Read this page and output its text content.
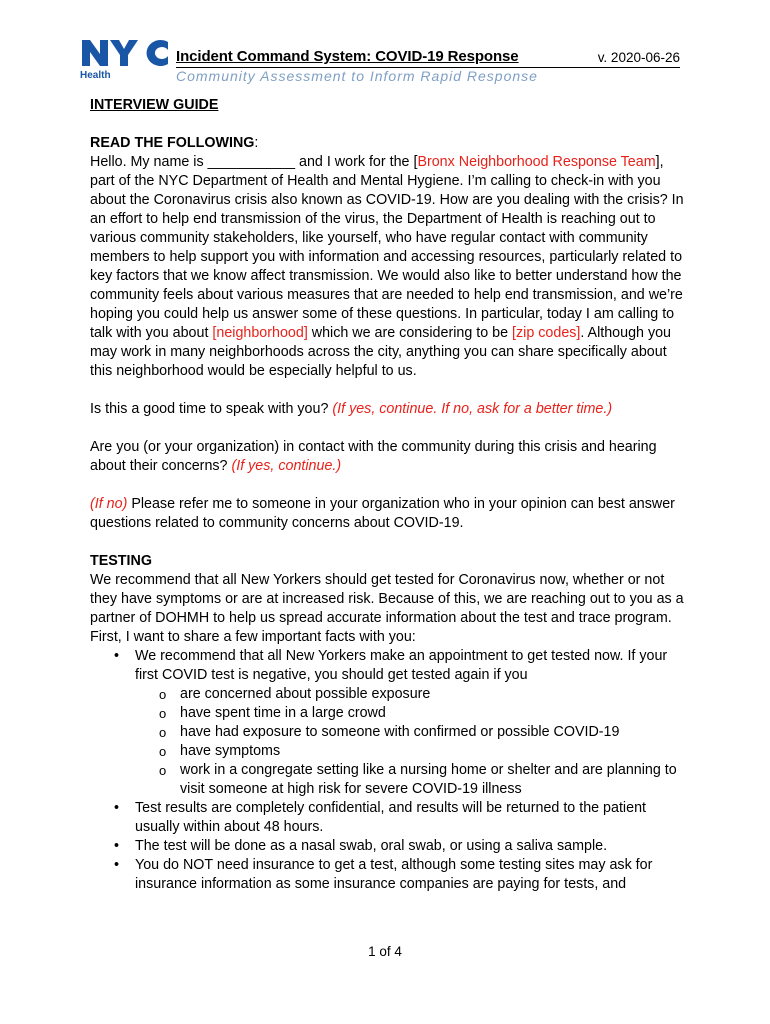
Health
Incident Command System: COVID-19 Response	v. 2020-06-26
Community Assessment to Inform Rapid Response

INTERVIEW GUIDE

READ THE FOLLOWING:

Hello. My name is ___________ and I work for the [Bronx Neighborhood Response Team], part of the NYC Department of Health and Mental Hygiene. I’m calling to check-in with you about the Coronavirus crisis also known as COVID-19. How are you dealing with the crisis? In an effort to help end transmission of the virus, the Department of Health is reaching out to various community stakeholders, like yourself, who have regular contact with community members to help support you with information and accessing resources, particularly related to key factors that we know affect transmission. We would also like to better understand how the community feels about various measures that are needed to help end transmission, and we’re hoping you could help us answer some of these questions. In particular, today I am calling to talk with you about [neighborhood] which we are considering to be [zip codes]. Although you may work in many neighborhoods across the city, anything you can share specifically about this neighborhood would be especially helpful to us.

Is this a good time to speak with you? (If yes, continue. If no, ask for a better time.)

Are you (or your organization) in contact with the community during this crisis and hearing about their concerns? (If yes, continue.)

(If no) Please refer me to someone in your organization who in your opinion can best answer questions related to community concerns about COVID-19.

TESTING

We recommend that all New Yorkers should get tested for Coronavirus now, whether or not they have symptoms or are at increased risk. Because of this, we are reaching out to you as a partner of DOHMH to help us spread accurate information about the test and trace program. First, I want to share a few important facts with you:

• We recommend that all New Yorkers make an appointment to get tested now. If your first COVID test is negative, you should get tested again if you
o are concerned about possible exposure
o have spent time in a large crowd
o have had exposure to someone with confirmed or possible COVID-19
o have symptoms
o work in a congregate setting like a nursing home or shelter and are planning to visit someone at high risk for severe COVID-19 illness
• Test results are completely confidential, and results will be returned to the patient usually within about 48 hours.
• The test will be done as a nasal swab, oral swab, or using a saliva sample.
• You do NOT need insurance to get a test, although some testing sites may ask for insurance information as some insurance companies are paying for tests, and
1 of 4
